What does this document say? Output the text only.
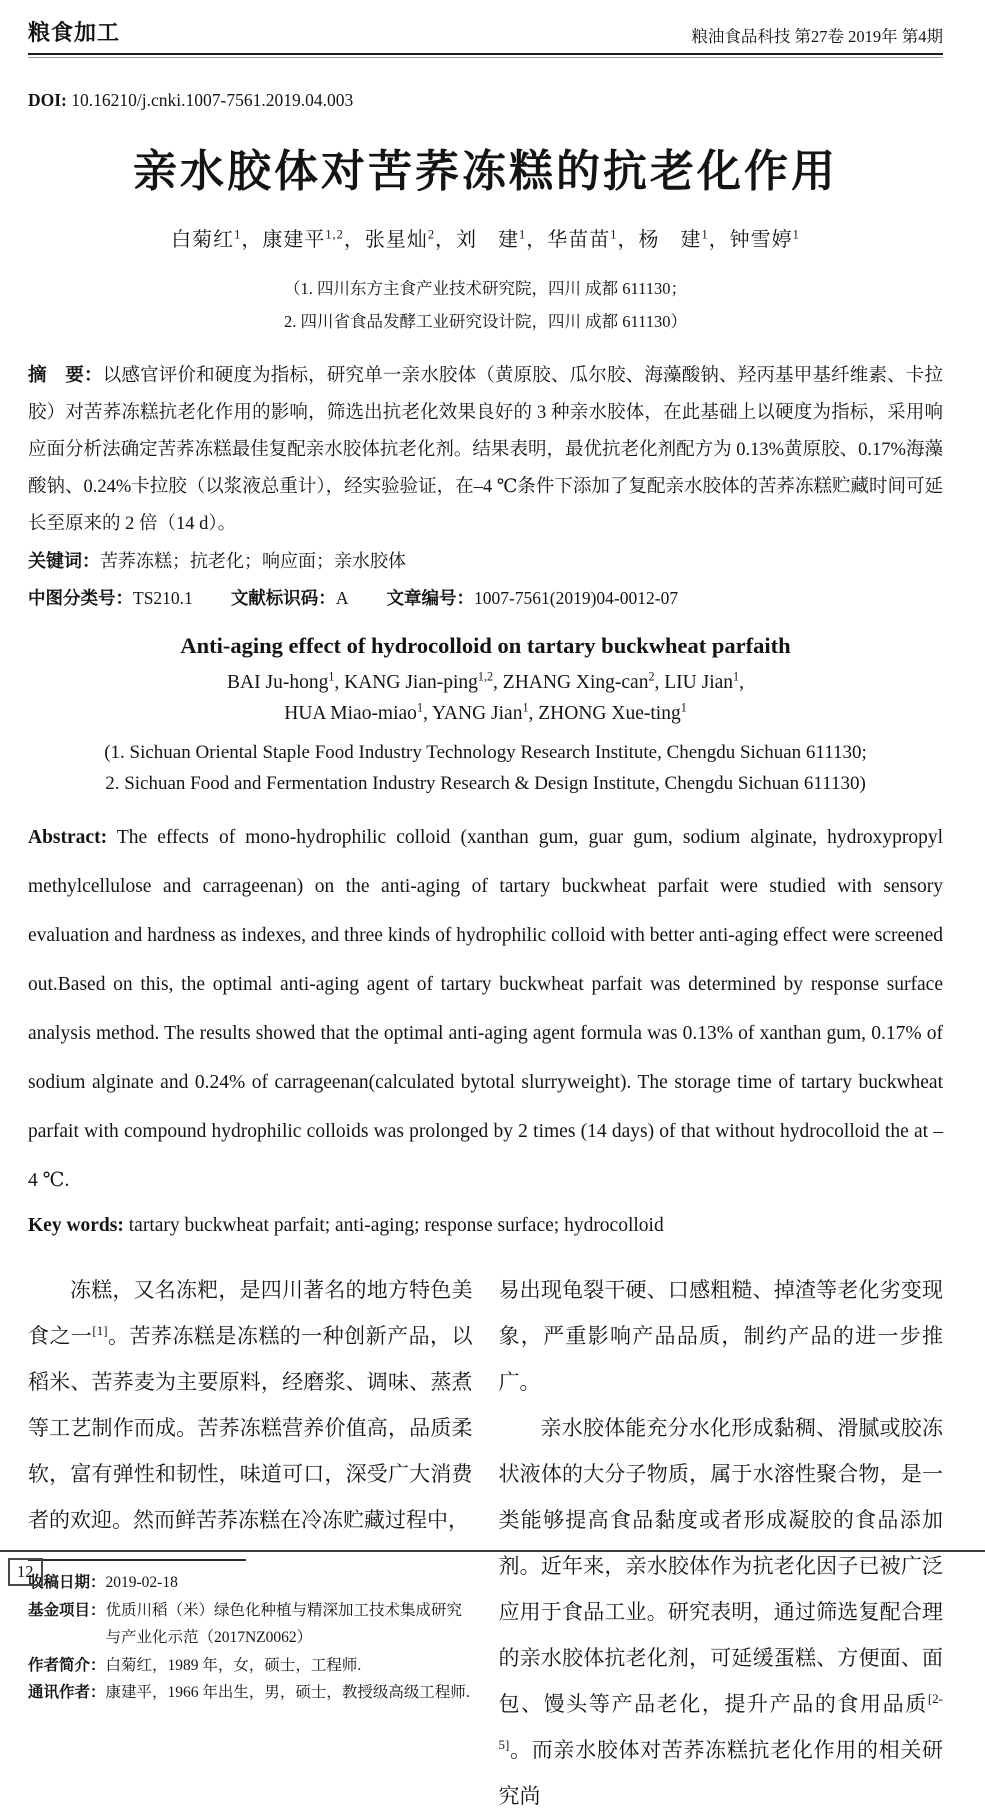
粮食加工	粮油食品科技 第27卷 2019年 第4期
DOI: 10.16210/j.cnki.1007-7561.2019.04.003
亲水胶体对苦荞冻糕的抗老化作用
白菊红$^1$，康建平$^{1,2}$，张星灿$^2$，刘　建$^1$，华苗苗$^1$，杨　建$^1$，钟雪婷$^1$
（1. 四川东方主食产业技术研究院，四川 成都 611130；
2. 四川省食品发酵工业研究设计院，四川 成都 611130）
摘　要：以感官评价和硬度为指标，研究单一亲水胶体（黄原胶、瓜尔胶、海藻酸钠、羟丙基甲基纤维素、卡拉胶）对苦荞冻糕抗老化作用的影响，筛选出抗老化效果良好的 3 种亲水胶体，在此基础上以硬度为指标，采用响应面分析法确定苦荞冻糕最佳复配亲水胶体抗老化剂。结果表明，最优抗老化剂配方为 0.13%黄原胶、0.17%海藻酸钠、0.24%卡拉胶（以浆液总重计），经实验验证，在–4 ℃条件下添加了复配亲水胶体的苦荞冻糕贮藏时间可延长至原来的 2 倍（14 d）。
关键词：苦荞冻糕；抗老化；响应面；亲水胶体
中图分类号：TS210.1 文献标识码：A 文章编号：1007-7561(2019)04-0012-07
Anti-aging effect of hydrocolloid on tartary buckwheat parfaith
BAI Ju-hong$^1$, KANG Jian-ping$^{1,2}$, ZHANG Xing-can$^2$, LIU Jian$^1$,
HUA Miao-miao$^1$, YANG Jian$^1$, ZHONG Xue-ting$^1$
(1. Sichuan Oriental Staple Food Industry Technology Research Institute, Chengdu Sichuan 611130;
2. Sichuan Food and Fermentation Industry Research & Design Institute, Chengdu Sichuan 611130)
Abstract: The effects of mono-hydrophilic colloid (xanthan gum, guar gum, sodium alginate, hydroxypropyl methylcellulose and carrageenan) on the anti-aging of tartary buckwheat parfait were studied with sensory evaluation and hardness as indexes, and three kinds of hydrophilic colloid with better anti-aging effect were screened out.Based on this, the optimal anti-aging agent of tartary buckwheat parfait was determined by response surface analysis method. The results showed that the optimal anti-aging agent formula was 0.13% of xanthan gum, 0.17% of sodium alginate and 0.24% of carrageenan(calculated bytotal slurryweight). The storage time of tartary buckwheat parfait with compound hydrophilic colloids was prolonged by 2 times (14 days) of that without hydrocolloid the at –4 ℃.
Key words: tartary buckwheat parfait; anti-aging; response surface; hydrocolloid

冻糕，又名冻粑，是四川著名的地方特色美食之一[1]。苦荞冻糕是冻糕的一种创新产品，以稻米、苦荞麦为主要原料，经磨浆、调味、蒸煮等工艺制作而成。苦荞冻糕营养价值高，品质柔软，富有弹性和韧性，味道可口，深受广大消费者的欢迎。然而鲜苦荞冻糕在冷冻贮藏过程中，

收稿日期： 2019-02-18
基金项目： 优质川稻（米）绿色化种植与精深加工技术集成研究与产业化示范（2017NZ0062）
作者简介： 白菊红，1989 年，女，硕士，工程师.
通讯作者： 康建平，1966 年出生，男，硕士，教授级高级工程师.

易出现龟裂干硬、口感粗糙、掉渣等老化劣变现象，严重影响产品品质，制约产品的进一步推广。

亲水胶体能充分水化形成黏稠、滑腻或胶冻状液体的大分子物质，属于水溶性聚合物，是一类能够提高食品黏度或者形成凝胶的食品添加剂。近年来，亲水胶体作为抗老化因子已被广泛应用于食品工业。研究表明，通过筛选复配合理的亲水胶体抗老化剂，可延缓蛋糕、方便面、面包、馒头等产品老化，提升产品的食用品质[2-5]。而亲水胶体对苦荞冻糕抗老化作用的相关研究尚

12
